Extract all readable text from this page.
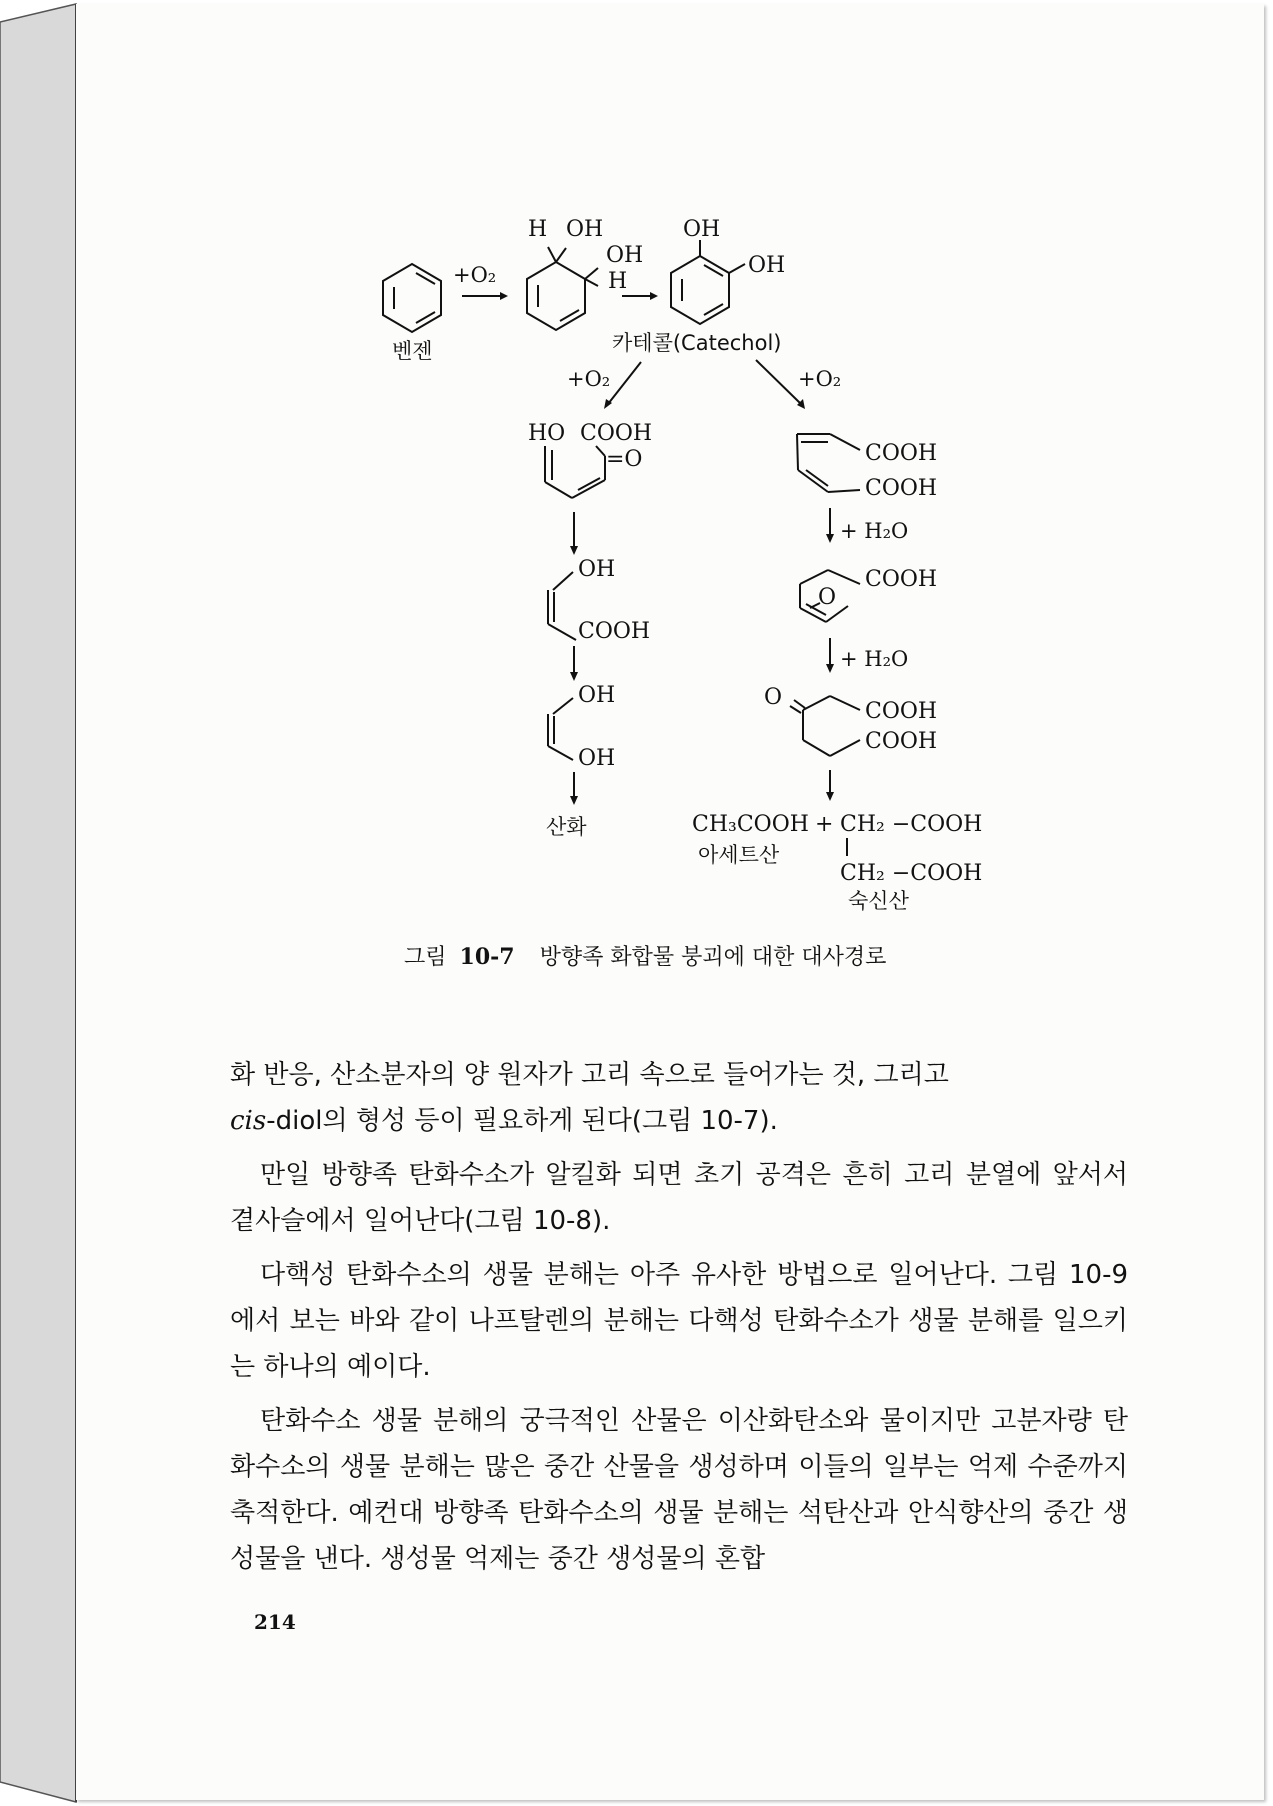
벤젠
+O₂
H OH
OH
H
OH
OH
카테콜(Catechol)
+O₂	+O₂
HO COOH
=O
OH
COOH
OH
OH
산화
COOH
COOH
+ H₂O
O
COOH
+ H₂O
O
COOH
COOH
CH₃COOH + CH₂ −COOH
CH₂ −COOH
아세트산
숙신산
그림 10-7 방향족 화합물 붕괴에 대한 대사경로

화 반응, 산소분자의 양 원자가 고리 속으로 들어가는 것, 그리고
cis-diol의 형성 등이 필요하게 된다(그림 10-7).

만일 방향족 탄화수소가 알킬화 되면 초기 공격은 흔히 고리 분열에 앞서서 곁사슬에서 일어난다(그림 10-8).

다핵성 탄화수소의 생물 분해는 아주 유사한 방법으로 일어난다. 그림 10-9에서 보는 바와 같이 나프탈렌의 분해는 다핵성 탄화수소가 생물 분해를 일으키는 하나의 예이다.

탄화수소 생물 분해의 궁극적인 산물은 이산화탄소와 물이지만 고분자량 탄화수소의 생물 분해는 많은 중간 산물을 생성하며 이들의 일부는 억제 수준까지 축적한다. 예컨대 방향족 탄화수소의 생물 분해는 석탄산과 안식향산의 중간 생성물을 낸다. 생성물 억제는 중간 생성물의 혼합

214
